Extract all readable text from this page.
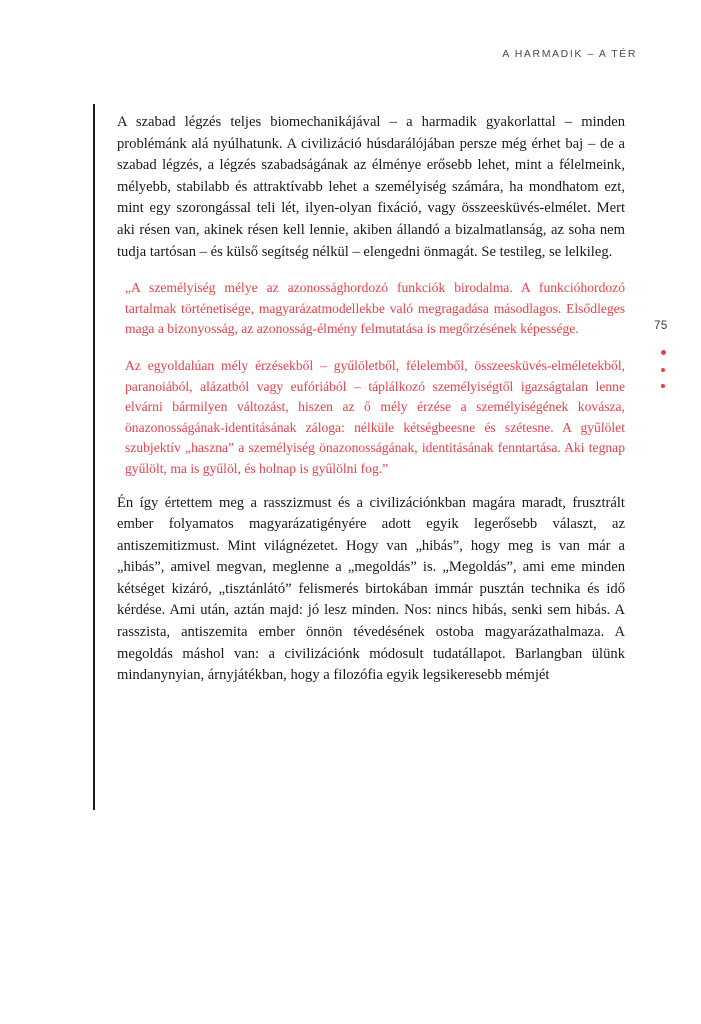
A HARMADIK – A TÉR
75

A szabad légzés teljes biomechanikájával – a harmadik gyakorlattal – minden problémánk alá nyúlhatunk. A civilizáció húsdarálójában persze még érhet baj – de a szabad légzés, a légzés szabadságának az élménye erősebb lehet, mint a félelmeink, mélyebb, stabilabb és attraktívabb lehet a személyiség számára, ha mondhatom ezt, mint egy szorongással teli lét, ilyen-olyan fixáció, vagy összeesküvés-elmélet. Mert aki résen van, akinek résen kell lennie, akiben állandó a bizalmatlanság, az soha nem tudja tartósan – és külső segítség nélkül – elengedni önmagát. Se testileg, se lelkileg.

„A személyiség mélye az azonossághordozó funkciók birodalma. A funkcióhordozó tartalmak történetisége, magyarázatmodellekbe való megragadása másodlagos. Elsődleges maga a bizonyosság, az azonosság-élmény felmutatása is megőrzésének képessége.

Az egyoldalúan mély érzésekből – gyűlöletből, félelemből, összeesküvés-elméletekből, paranoiából, alázatból vagy eufóriából – táplálkozó személyiségtől igazságtalan lenne elvárni bármilyen változást, hiszen az ő mély érzése a személyiségének kovásza, önazonosságának-identitásának záloga: nélküle kétségbeesne és szétesne. A gyűlölet szubjektív „haszna” a személyiség önazonosságának, identitásának fenntartása. Aki tegnap gyűlölt, ma is gyűlöl, és holnap is gyűlölni fog.”

Én így értettem meg a rasszizmust és a civilizációnkban magára maradt, frusztrált ember folyamatos magyarázatigényére adott egyik legerősebb választ, az antiszemitizmust. Mint világnézetet. Hogy van „hibás”, hogy meg is van már a „hibás”, amivel megvan, meglenne a „megoldás” is. „Megoldás”, ami eme minden kétséget kizáró, „tisztánlátó” felismerés birtokában immár pusztán technika és idő kérdése. Ami után, aztán majd: jó lesz minden. Nos: nincs hibás, senki sem hibás. A rasszista, antiszemita ember önnön tévedésének ostoba magyarázathalmaza. A megoldás máshol van: a civilizációnk módosult tudatállapot. Barlangban ülünk mindanynyian, árnyjátékban, hogy a filozófia egyik legsikeresebb mémjét
